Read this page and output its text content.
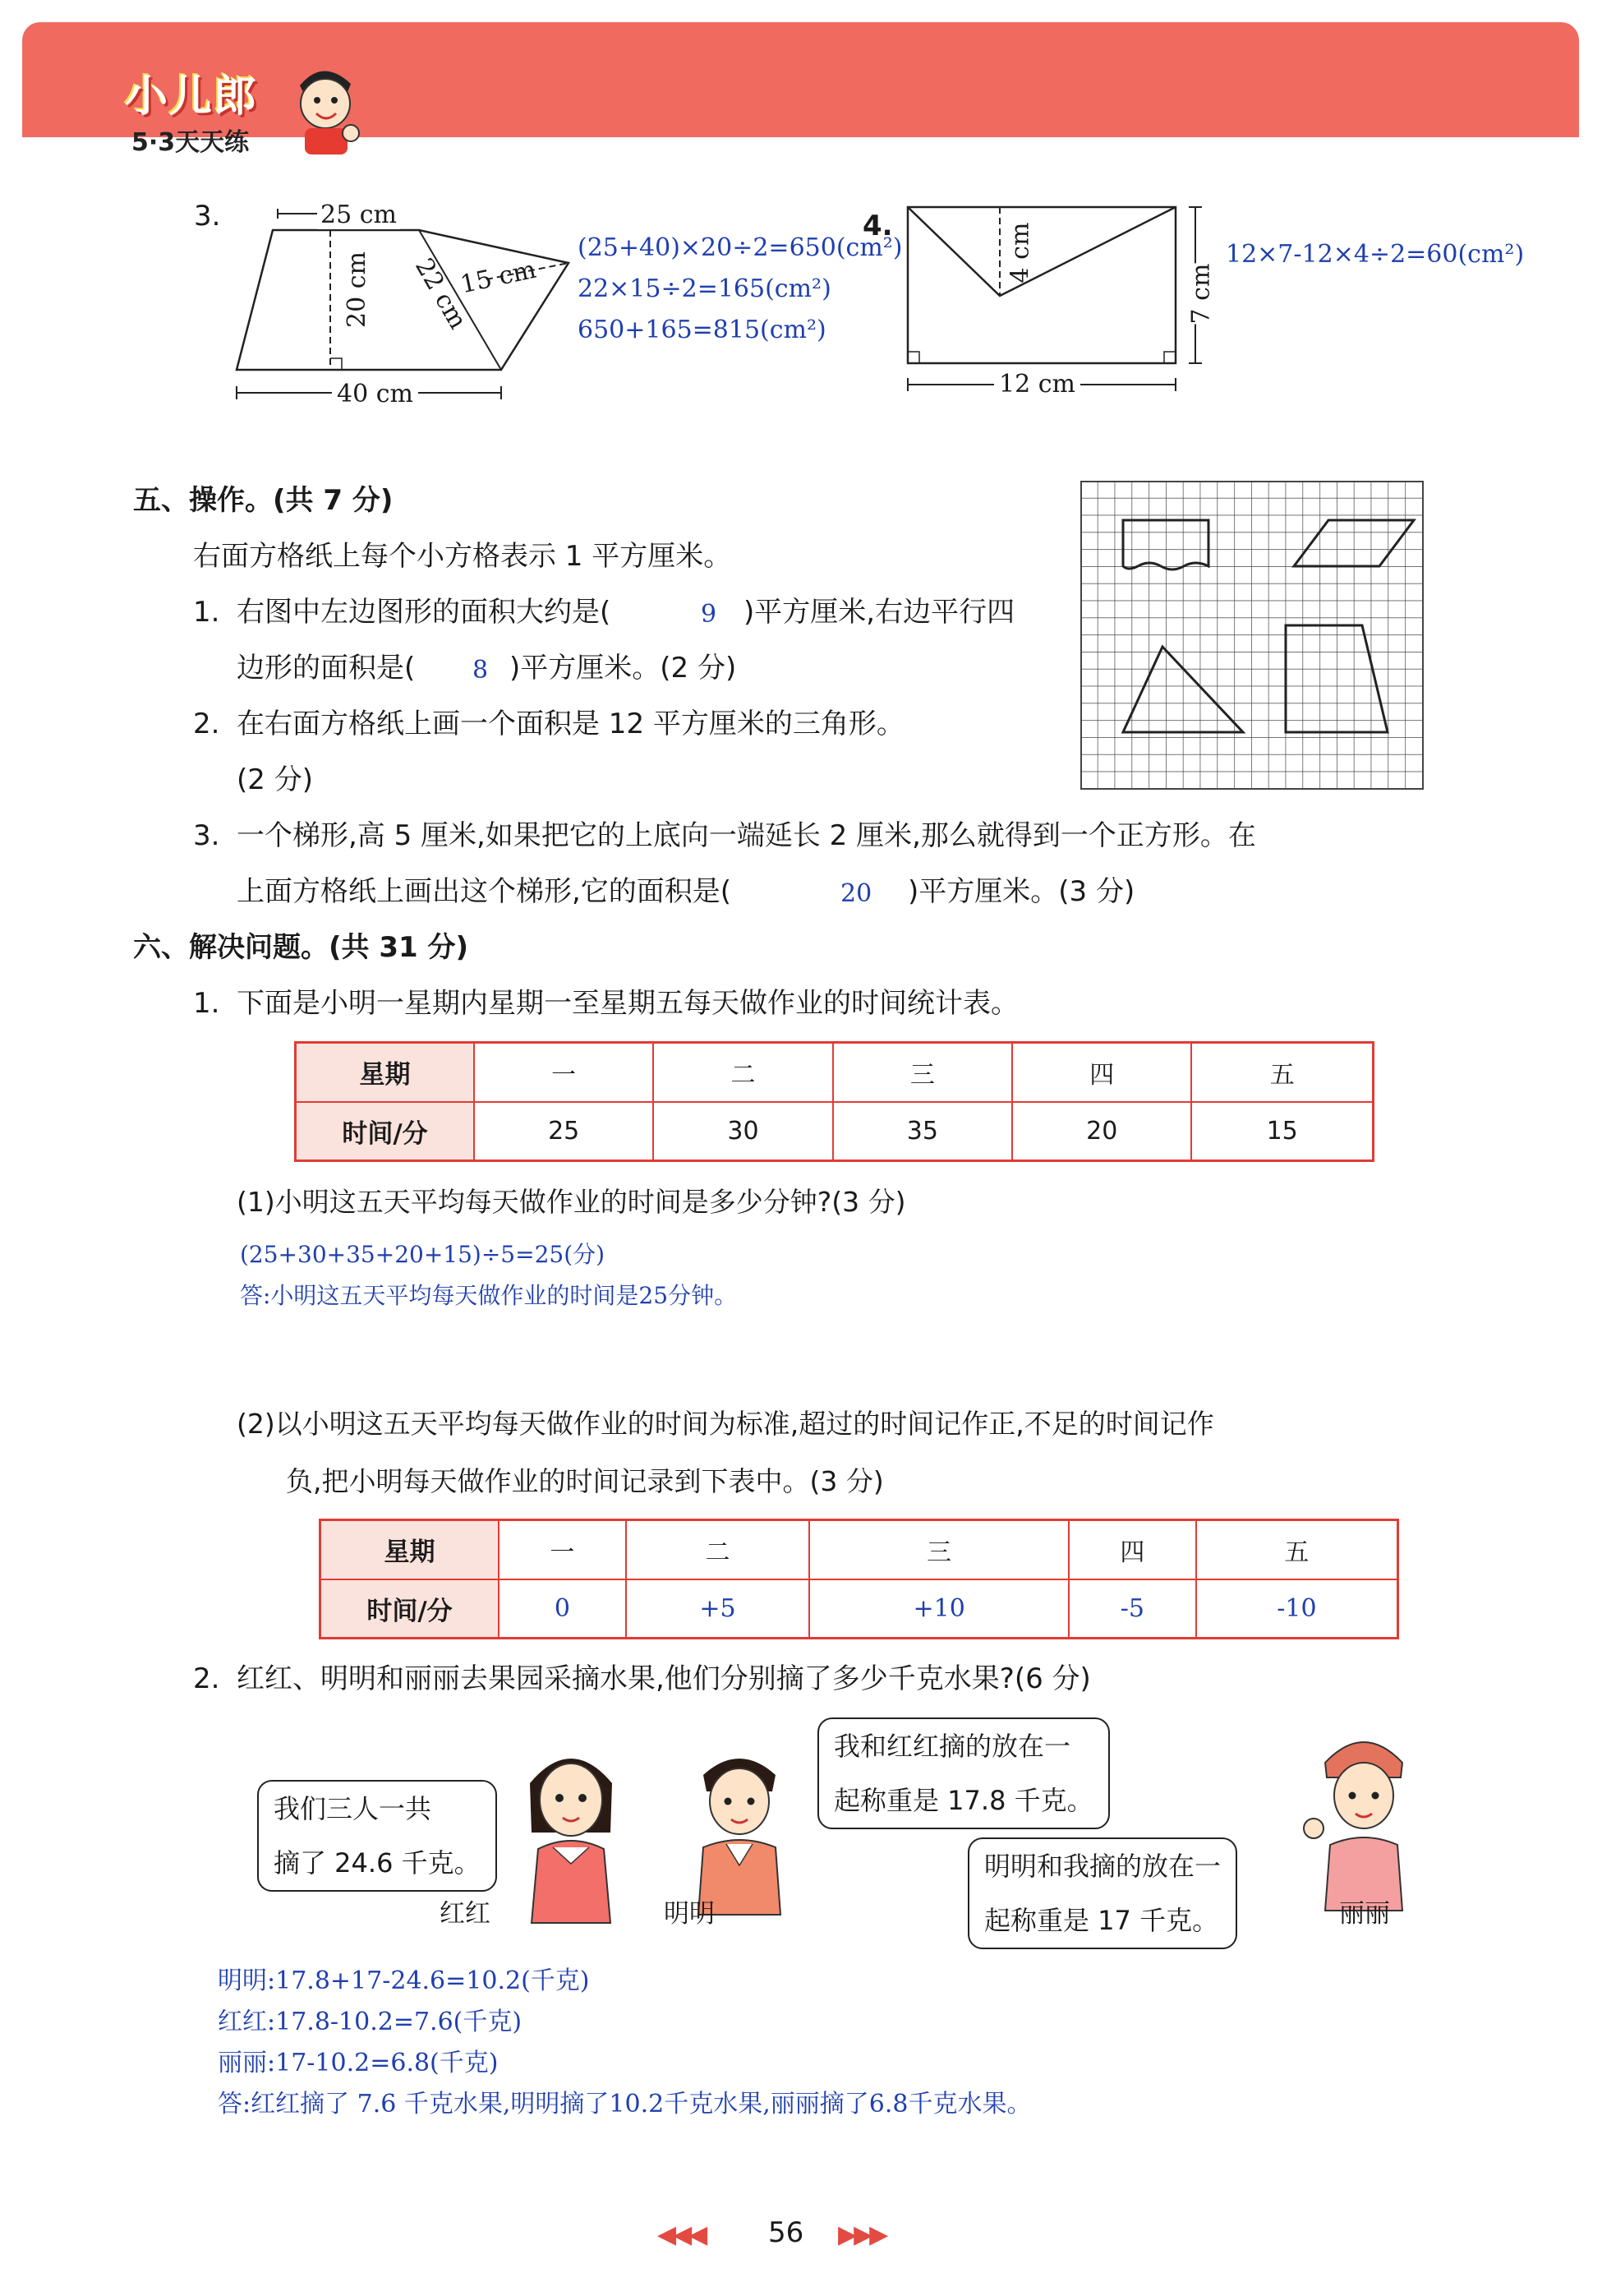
小儿郎
5·3天天练
3.	25 cm
20 cm 22 cm
15 cm
40 cm
(25+40)×20÷2=650(cm²)
22×15÷2=165(cm²)
650+165=815(cm²)
4.	4 cm
7 cm
12 cm
12×7-12×4÷2=60(cm²)
五、操作。(共 7 分)
右面方格纸上每个小方格表示 1 平方厘米。
1. 右图中左边图形的面积大约是(	9 )平方厘米,右边平行四
边形的面积是( 8 )平方厘米。(2 分)
2. 在右面方格纸上画一个面积是 12 平方厘米的三角形。
(2 分)
3. 一个梯形,高 5 厘米,如果把它的上底向一端延长 2 厘米,那么就得到一个正方形。在
上面方格纸上画出这个梯形,它的面积是(	20 )平方厘米。(3 分)
六、解决问题。(共 31 分)
1. 下面是小明一星期内星期一至星期五每天做作业的时间统计表。
星期	一	二	三	四	五
时间/分	25	30	35	20	15
(1)小明这五天平均每天做作业的时间是多少分钟?(3 分)
(25+30+35+20+15)÷5=25(分)
答:小明这五天平均每天做作业的时间是25分钟。
(2)以小明这五天平均每天做作业的时间为标准,超过的时间记作正,不足的时间记作
负,把小明每天做作业的时间记录到下表中。(3 分)
星期	一	二	三	四	五
时间/分	0	+5	+10	-5	-10
2. 红红、明明和丽丽去果园采摘水果,他们分别摘了多少千克水果?(6 分)
我们三人一共
摘了 24.6 千克。
我和红红摘的放在一
起称重是 17.8 千克。
明明和我摘的放在一
起称重是 17 千克。
红红	明明	丽丽
明明:17.8+17-24.6=10.2(千克)
红红:17.8-10.2=7.6(千克)
丽丽:17-10.2=6.8(千克)
答:红红摘了 7.6 千克水果,明明摘了10.2千克水果,丽丽摘了6.8千克水果。
◀◀◀ 56 ▶▶▶
